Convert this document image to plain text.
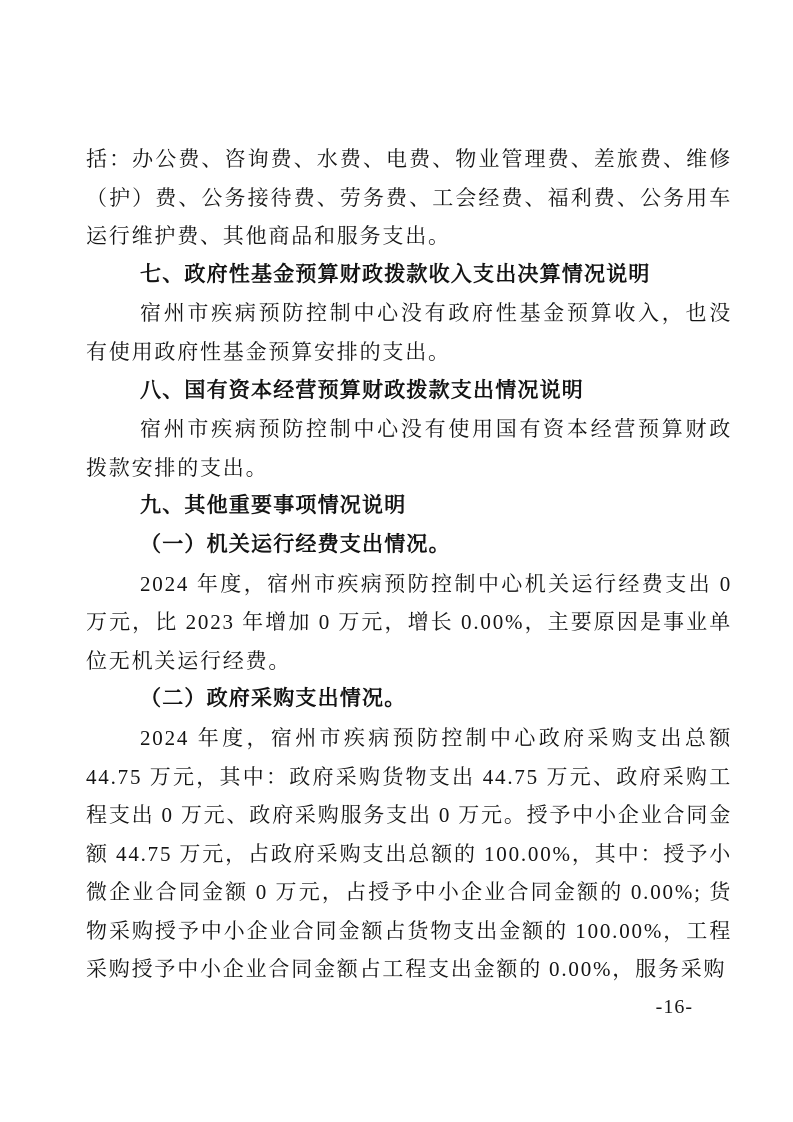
括：办公费、咨询费、水费、电费、物业管理费、差旅费、维修（护）费、公务接待费、劳务费、工会经费、福利费、公务用车运行维护费、其他商品和服务支出。

七、政府性基金预算财政拨款收入支出决算情况说明

宿州市疾病预防控制中心没有政府性基金预算收入，也没有使用政府性基金预算安排的支出。

八、国有资本经营预算财政拨款支出情况说明

宿州市疾病预防控制中心没有使用国有资本经营预算财政拨款安排的支出。

九、其他重要事项情况说明

（一）机关运行经费支出情况。

2024 年度，宿州市疾病预防控制中心机关运行经费支出 0 万元，比 2023 年增加 0 万元，增长 0.00%，主要原因是事业单位无机关运行经费。

（二）政府采购支出情况。

2024 年度，宿州市疾病预防控制中心政府采购支出总额 44.75 万元，其中：政府采购货物支出 44.75 万元、政府采购工程支出 0 万元、政府采购服务支出 0 万元。授予中小企业合同金额 44.75 万元，占政府采购支出总额的 100.00%，其中：授予小微企业合同金额 0 万元，占授予中小企业合同金额的 0.00%; 货物采购授予中小企业合同金额占货物支出金额的 100.00%，工程采购授予中小企业合同金额占工程支出金额的 0.00%，服务采购

-16-
